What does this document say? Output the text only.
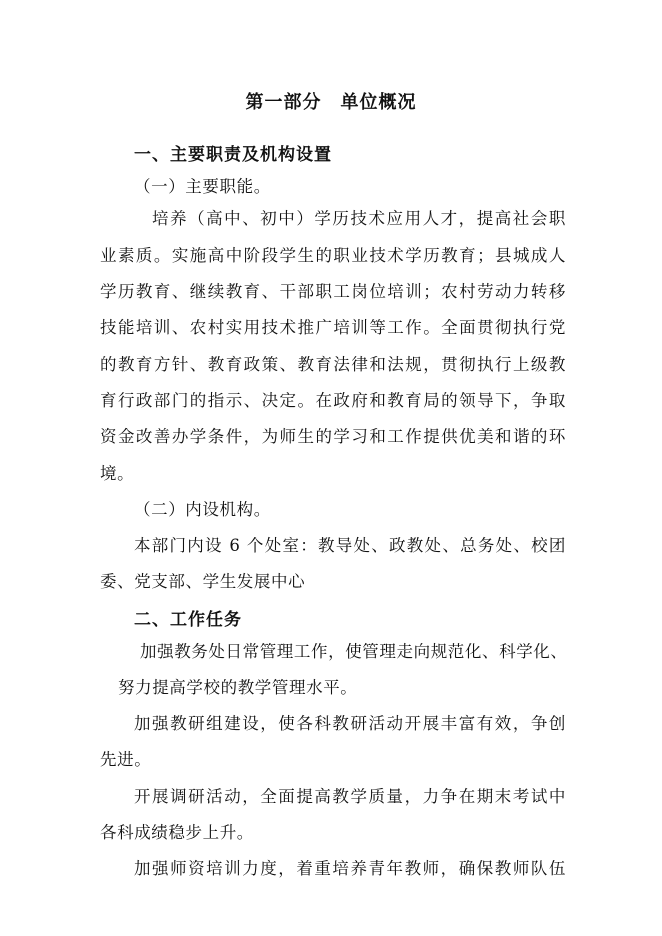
第一部分　单位概况
一、主要职责及机构设置
（一）主要职能。
培养（高中、初中）学历技术应用人才，提高社会职
业素质。实施高中阶段学生的职业技术学历教育；县城成人
学历教育、继续教育、干部职工岗位培训；农村劳动力转移
技能培训、农村实用技术推广培训等工作。全面贯彻执行党
的教育方针、教育政策、教育法律和法规，贯彻执行上级教
育行政部门的指示、决定。在政府和教育局的领导下，争取
资金改善办学条件，为师生的学习和工作提供优美和谐的环
境。
（二）内设机构。
本部门内设 6 个处室：教导处、政教处、总务处、校团
委、党支部、学生发展中心
二、工作任务
加强教务处日常管理工作，使管理走向规范化、科学化、
努力提高学校的教学管理水平。
加强教研组建设，使各科教研活动开展丰富有效，争创
先进。
开展调研活动，全面提高教学质量，力争在期末考试中
各科成绩稳步上升。
加强师资培训力度，着重培养青年教师，确保教师队伍
